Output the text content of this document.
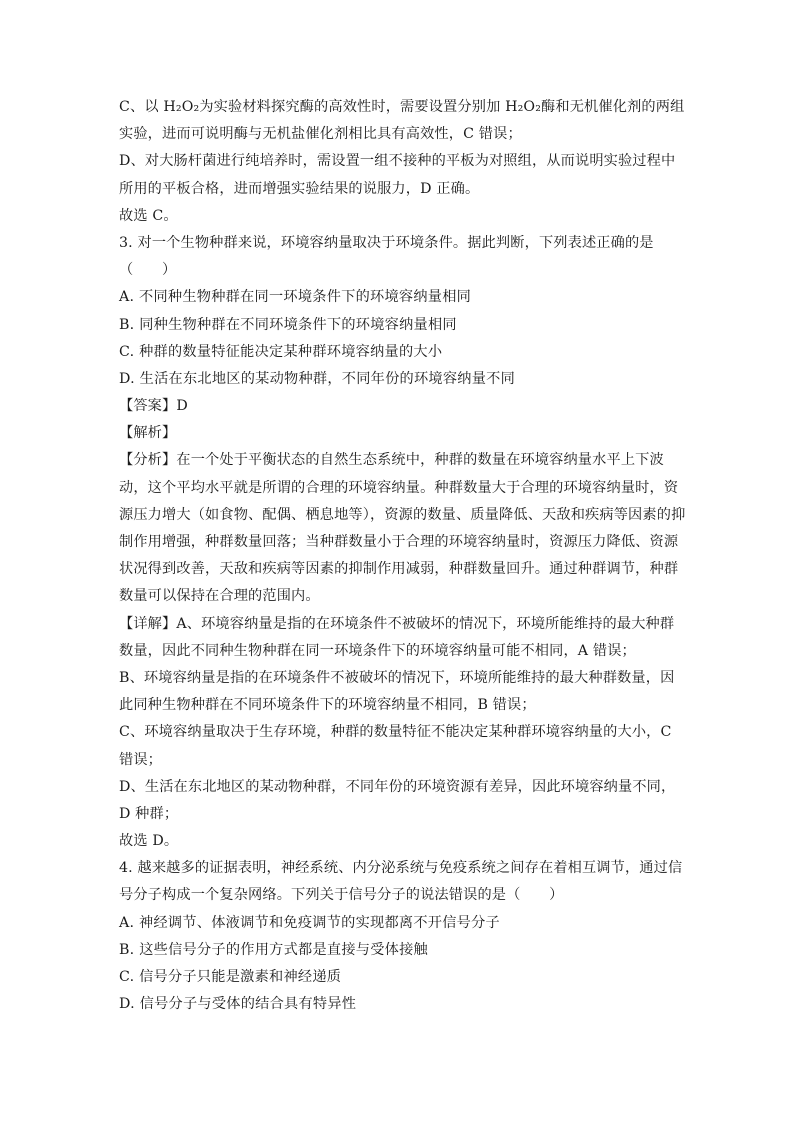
C、以 H₂O₂为实验材料探究酶的高效性时，需要设置分别加 H₂O₂酶和无机催化剂的两组
实验，进而可说明酶与无机盐催化剂相比具有高效性，C 错误；
D、对大肠杆菌进行纯培养时，需设置一组不接种的平板为对照组，从而说明实验过程中
所用的平板合格，进而增强实验结果的说服力，D 正确。
故选 C。
3. 对一个生物种群来说，环境容纳量取决于环境条件。据此判断，下列表述正确的是
（　　）
A. 不同种生物种群在同一环境条件下的环境容纳量相同
B. 同种生物种群在不同环境条件下的环境容纳量相同
C. 种群的数量特征能决定某种群环境容纳量的大小
D. 生活在东北地区的某动物种群，不同年份的环境容纳量不同
【答案】D
【解析】
【分析】在一个处于平衡状态的自然生态系统中，种群的数量在环境容纳量水平上下波
动，这个平均水平就是所谓的合理的环境容纳量。种群数量大于合理的环境容纳量时，资
源压力增大（如食物、配偶、栖息地等），资源的数量、质量降低、天敌和疾病等因素的抑
制作用增强，种群数量回落；当种群数量小于合理的环境容纳量时，资源压力降低、资源
状况得到改善，天敌和疾病等因素的抑制作用减弱，种群数量回升。通过种群调节，种群
数量可以保持在合理的范围内。
【详解】A、环境容纳量是指的在环境条件不被破坏的情况下，环境所能维持的最大种群
数量，因此不同种生物种群在同一环境条件下的环境容纳量可能不相同，A 错误；
B、环境容纳量是指的在环境条件不被破坏的情况下，环境所能维持的最大种群数量，因
此同种生物种群在不同环境条件下的环境容纳量不相同，B 错误；
C、环境容纳量取决于生存环境，种群的数量特征不能决定某种群环境容纳量的大小，C
错误；
D、生活在东北地区的某动物种群，不同年份的环境资源有差异，因此环境容纳量不同，
D 种群；
故选 D。
4. 越来越多的证据表明，神经系统、内分泌系统与免疫系统之间存在着相互调节，通过信
号分子构成一个复杂网络。下列关于信号分子的说法错误的是（　　）
A. 神经调节、体液调节和免疫调节的实现都离不开信号分子
B. 这些信号分子的作用方式都是直接与受体接触
C. 信号分子只能是激素和神经递质
D. 信号分子与受体的结合具有特异性
